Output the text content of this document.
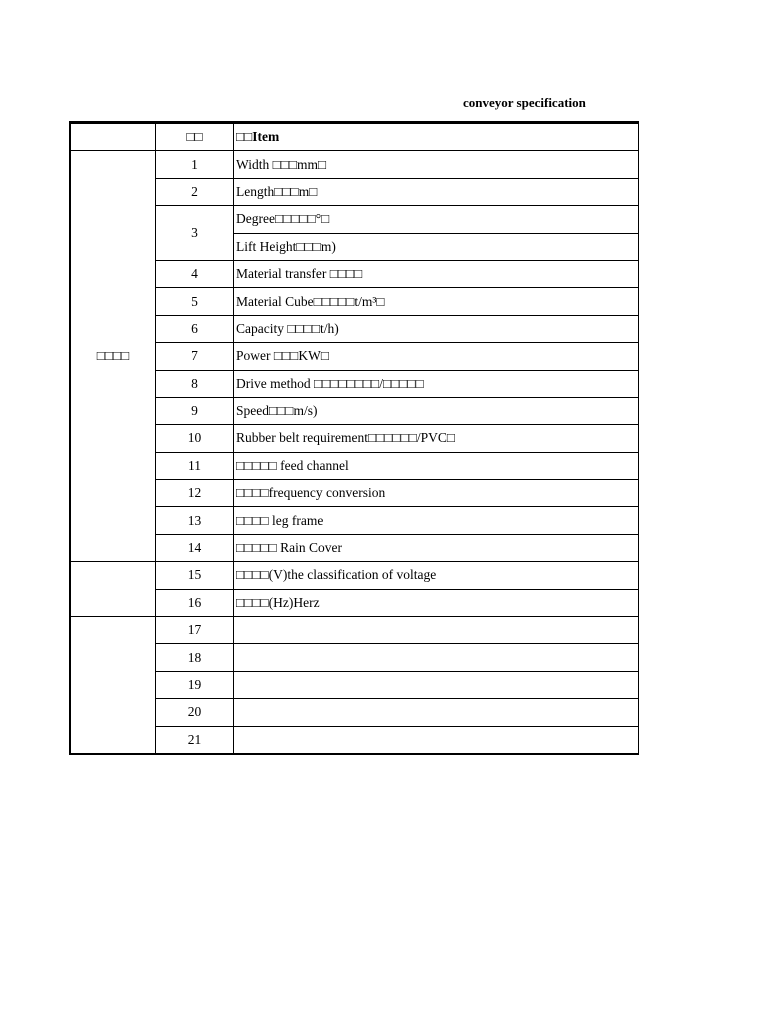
conveyor specification
	□□	□□Item
□□□□	1	Width □□□mm□
	2	Length□□□m□
	3	Degree□□□□□°□
		Lift Height□□□m)
	4	Material transfer □□□□
	5	Material Cube□□□□□t/m³□
	6	Capacity □□□□t/h)
	7	Power □□□KW□
	8	Drive method □□□□□□□□/□□□□□
	9	Speed□□□m/s)
	10	Rubber belt requirement□□□□□□/PVC□
	11	□□□□□ feed channel
	12	□□□□frequency conversion
	13	□□□□ leg frame
	14	□□□□□ Rain Cover
	15	□□□□(V)the classification of voltage
	16	□□□□(Hz)Herz
	17	
	18	
	19	
	20	
	21	
